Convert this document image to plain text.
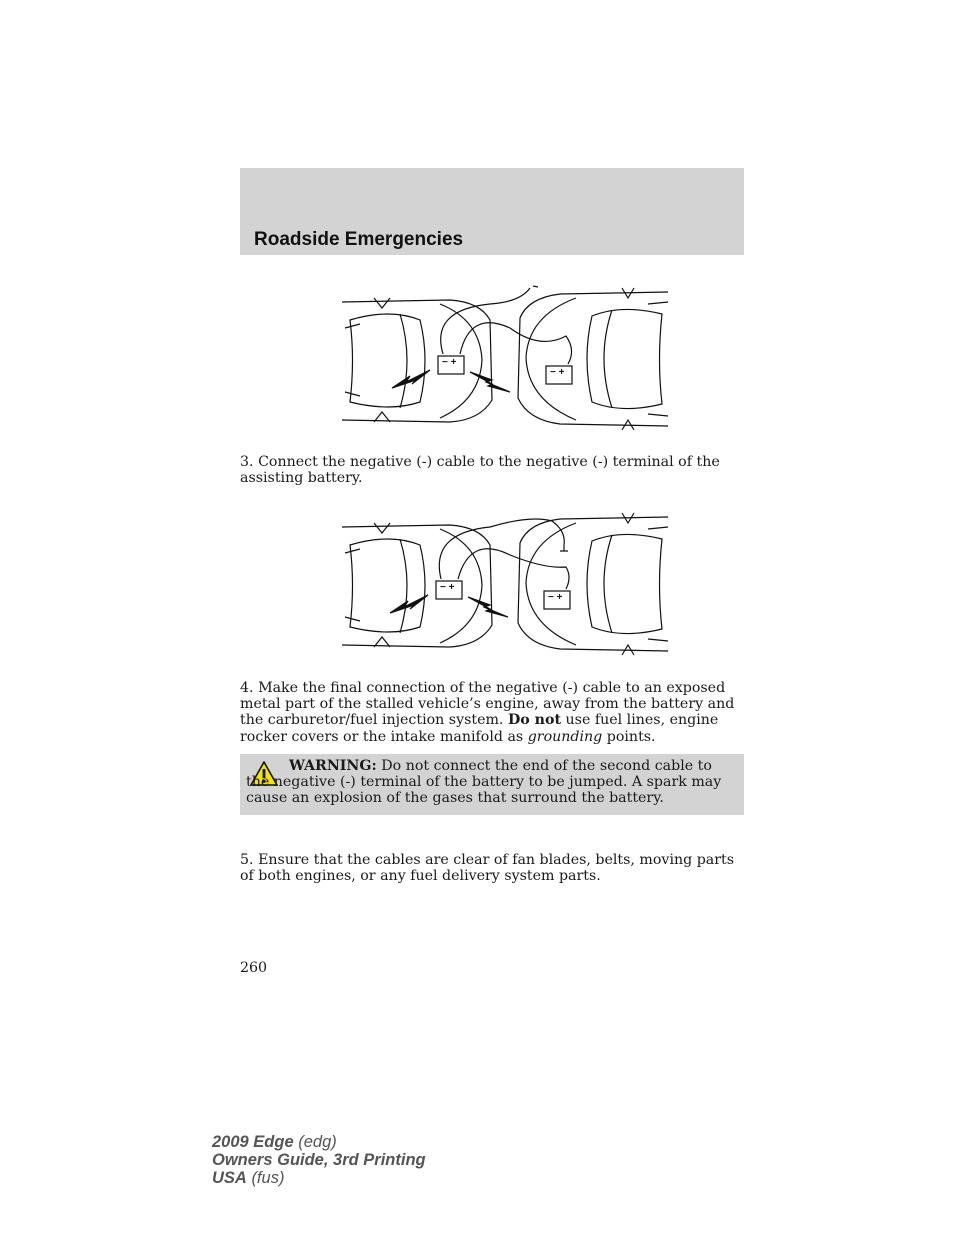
Roadside Emergencies
− +
− +

3. Connect the negative (-) cable to the negative (-) terminal of the assisting battery.

− +
− +

4. Make the final connection of the negative (-) cable to an exposed metal part of the stalled vehicle’s engine, away from the battery and the carburetor/fuel injection system. Do not use fuel lines, engine rocker covers or the intake manifold as grounding points.

WARNING: Do not connect the end of the second cable to the negative (-) terminal of the battery to be jumped. A spark may cause an explosion of the gases that surround the battery.

5. Ensure that the cables are clear of fan blades, belts, moving parts of both engines, or any fuel delivery system parts.

260

2009 Edge (edg)
Owners Guide, 3rd Printing
USA (fus)
